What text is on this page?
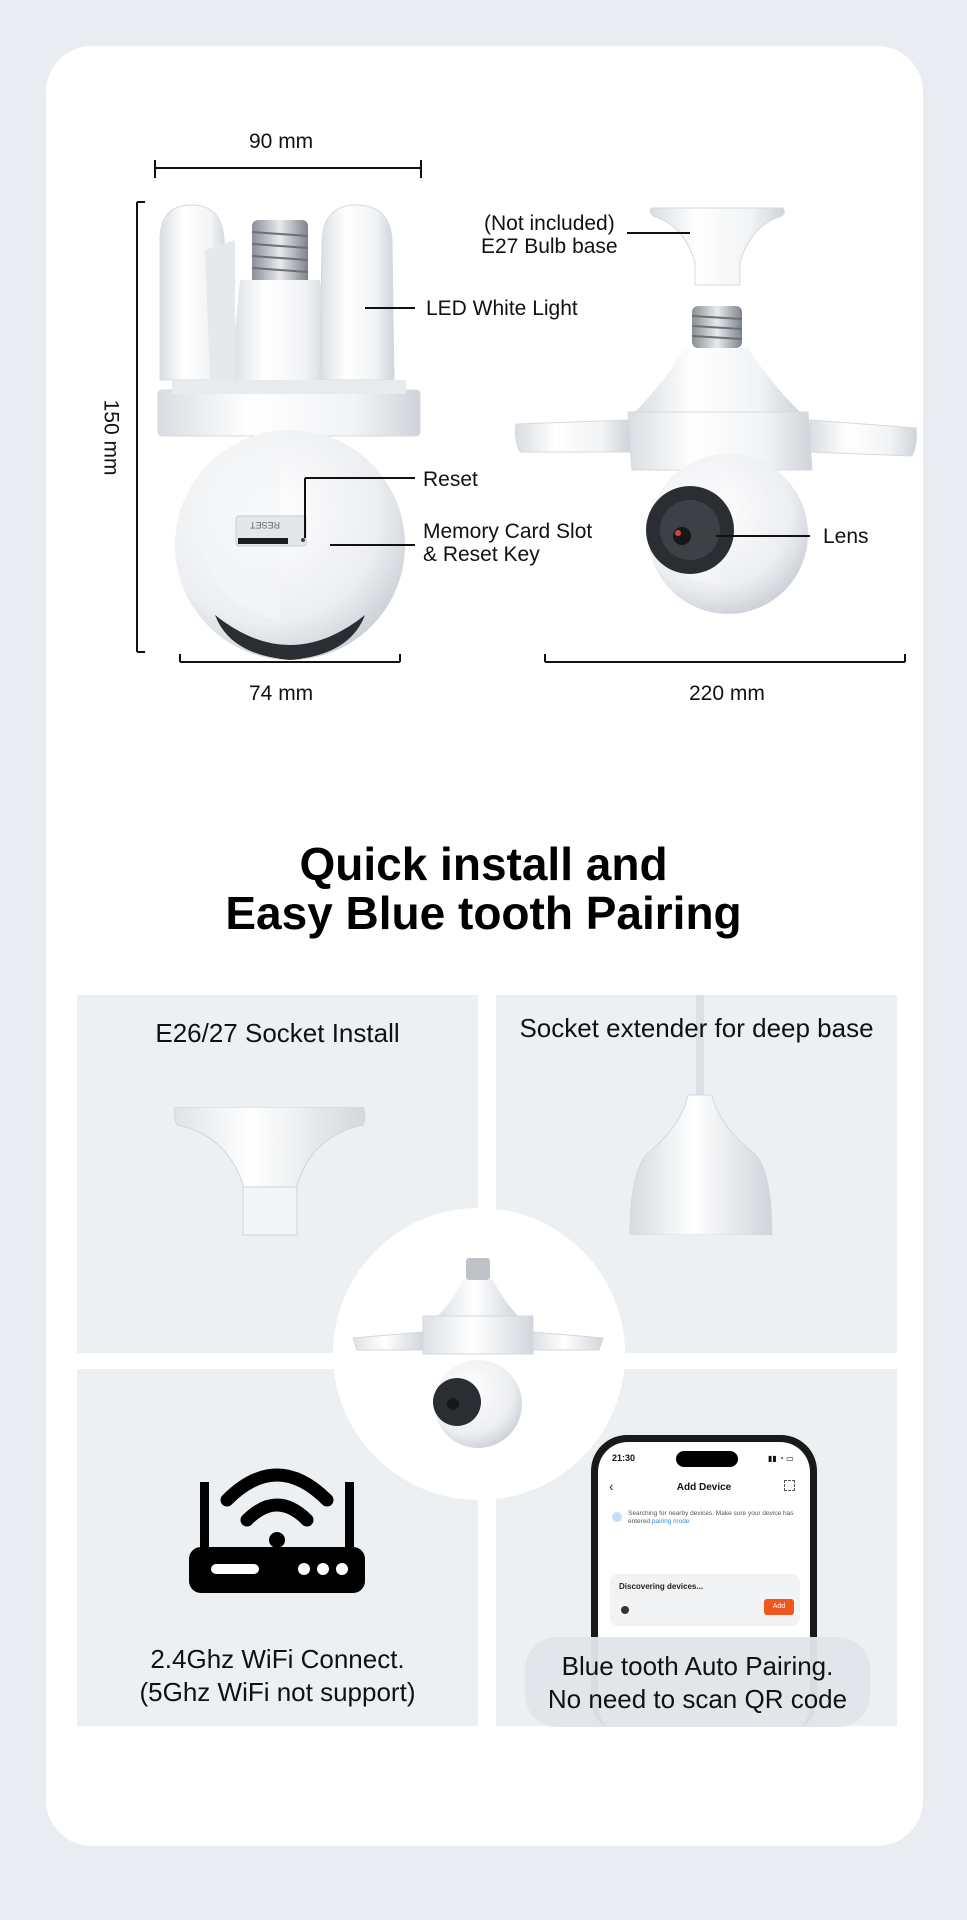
RESET
90 mm
150 mm
74 mm	220 mm
(Not included)
E27 Bulb base
LED White Light
Reset
Memory Card Slot
& Reset Key
Lens
Quick install and
Easy Blue tooth Pairing
E26/27 Socket Install	Socket extender for deep base
2.4Ghz WiFi Connect.
(5Ghz WiFi not support)
21:30	▮▮ ◔ ▭
‹	Add Device
Searching for nearby devices. Make sure your device has entered pairing mode
Discovering devices...
Add
Blue tooth Auto Pairing.
No need to scan QR code
